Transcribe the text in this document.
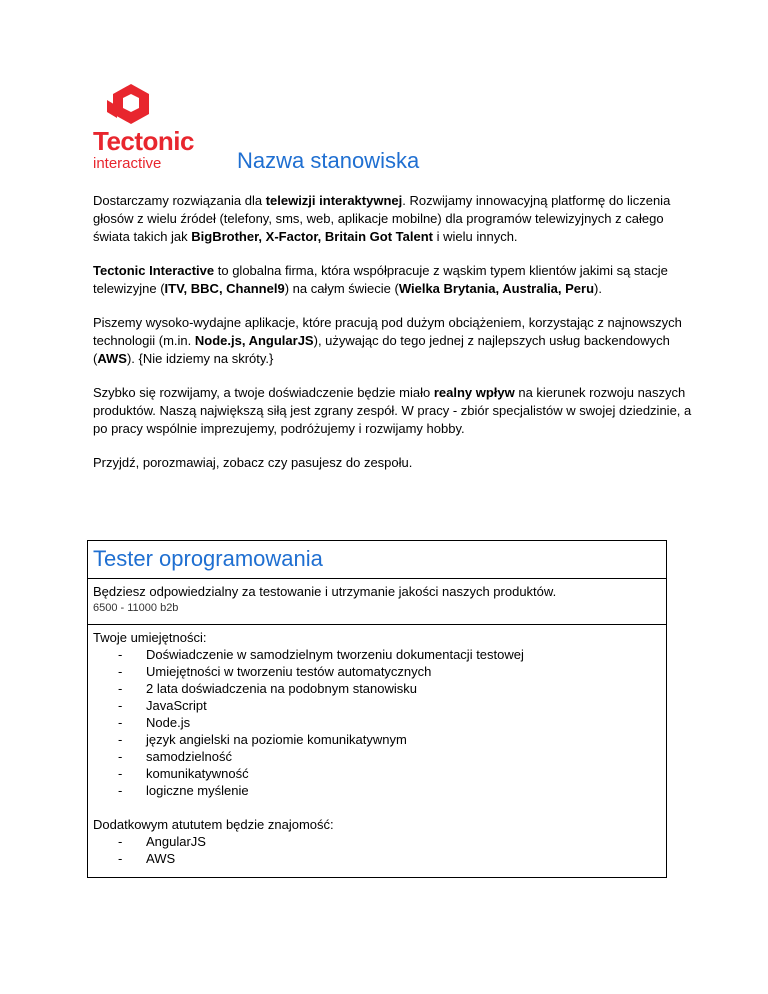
Tectonic
interactive	Nazwa stanowiska

Dostarczamy rozwiązania dla telewizji interaktywnej. Rozwijamy innowacyjną platformę do liczenia głosów z wielu źródeł (telefony, sms, web, aplikacje mobilne) dla programów telewizyjnych z całego świata takich jak BigBrother, X-Factor, Britain Got Talent i wielu innych.

Tectonic Interactive to globalna firma, która współpracuje z wąskim typem klientów jakimi są stacje telewizyjne (ITV, BBC, Channel9) na całym świecie (Wielka Brytania, Australia, Peru).

Piszemy wysoko-wydajne aplikacje, które pracują pod dużym obciążeniem, korzystając z najnowszych technologii (m.in. Node.js, AngularJS), używając do tego jednej z najlepszych usług backendowych (AWS). {Nie idziemy na skróty.}

Szybko się rozwijamy, a twoje doświadczenie będzie miało realny wpływ na kierunek rozwoju naszych produktów. Naszą największą siłą jest zgrany zespół. W pracy - zbiór specjalistów w swojej dziedzinie, a po pracy wspólnie imprezujemy, podróżujemy i rozwijamy hobby.

Przyjdź, porozmawiaj, zobacz czy pasujesz do zespołu.

Tester oprogramowania
Będziesz odpowiedzialny za testowanie i utrzymanie jakości naszych produktów.
6500 - 11000 b2b
Twoje umiejętności:
- Doświadczenie w samodzielnym tworzeniu dokumentacji testowej
- Umiejętności w tworzeniu testów automatycznych
- 2 lata doświadczenia na podobnym stanowisku
- JavaScript
- Node.js
- język angielski na poziomie komunikatywnym
- samodzielność
- komunikatywność
- logiczne myślenie
Dodatkowym atututem będzie znajomość:
- AngularJS
- AWS
